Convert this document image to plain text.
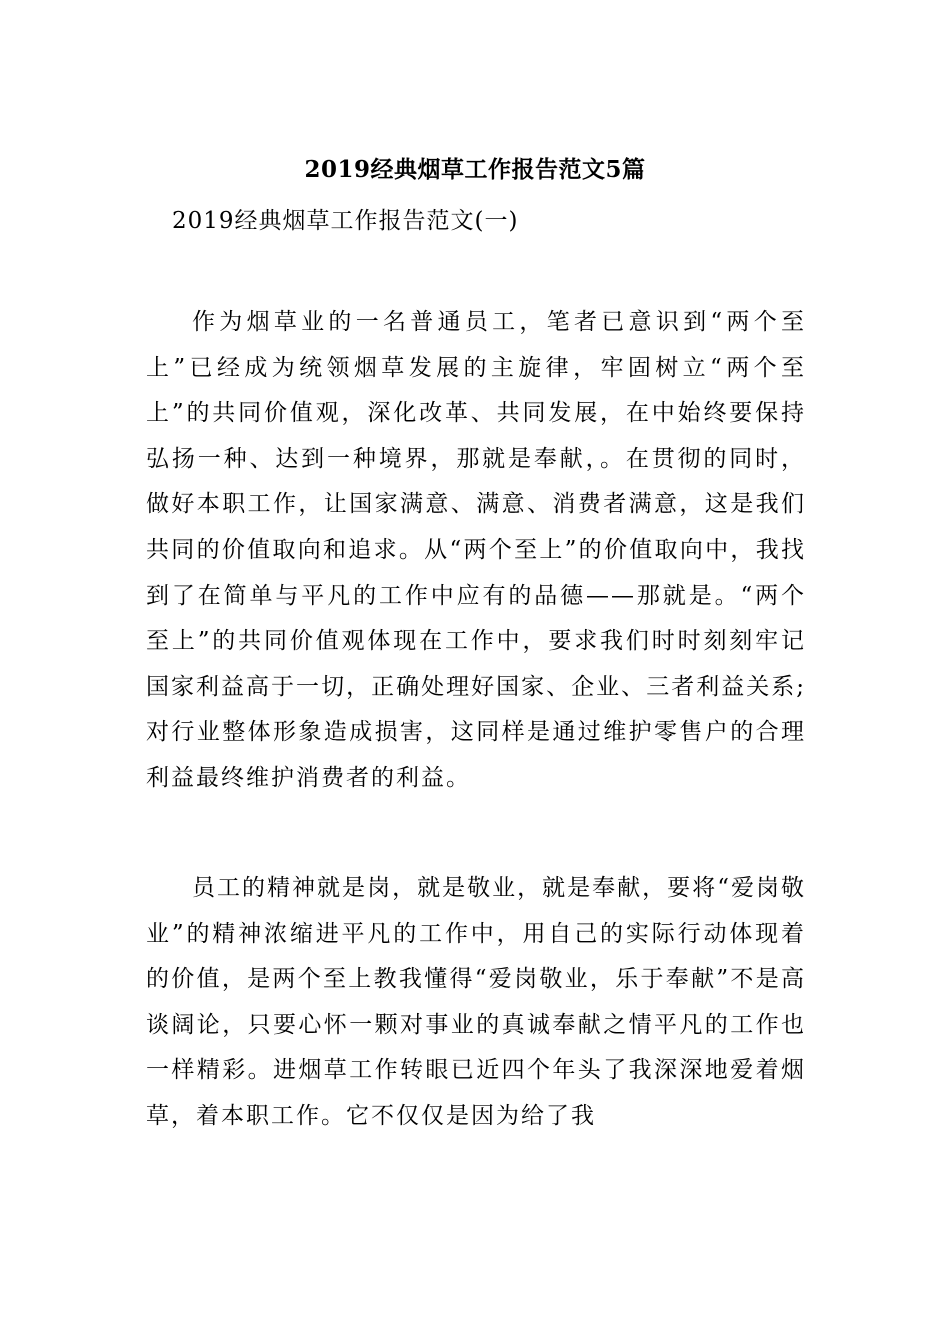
2019经典烟草工作报告范文5篇
2019经典烟草工作报告范文(一)

作为烟草业的一名普通员工，笔者已意识到“两个至上”已经成为统领烟草发展的主旋律，牢固树立“两个至上”的共同价值观，深化改革、共同发展，在中始终要保持弘扬一种、达到一种境界，那就是奉献，。在贯彻的同时，做好本职工作，让国家满意、满意、消费者满意，这是我们共同的价值取向和追求。从“两个至上”的价值取向中，我找到了在简单与平凡的工作中应有的品德——那就是。“两个至上”的共同价值观体现在工作中，要求我们时时刻刻牢记国家利益高于一切，正确处理好国家、企业、三者利益关系;对行业整体形象造成损害，这同样是通过维护零售户的合理利益最终维护消费者的利益。

员工的精神就是岗，就是敬业，就是奉献，要将“爱岗敬业”的精神浓缩进平凡的工作中，用自己的实际行动体现着的价值，是两个至上教我懂得“爱岗敬业，乐于奉献”不是高谈阔论，只要心怀一颗对事业的真诚奉献之情平凡的工作也一样精彩。进烟草工作转眼已近四个年头了我深深地爱着烟草，着本职工作。它不仅仅是因为给了我
